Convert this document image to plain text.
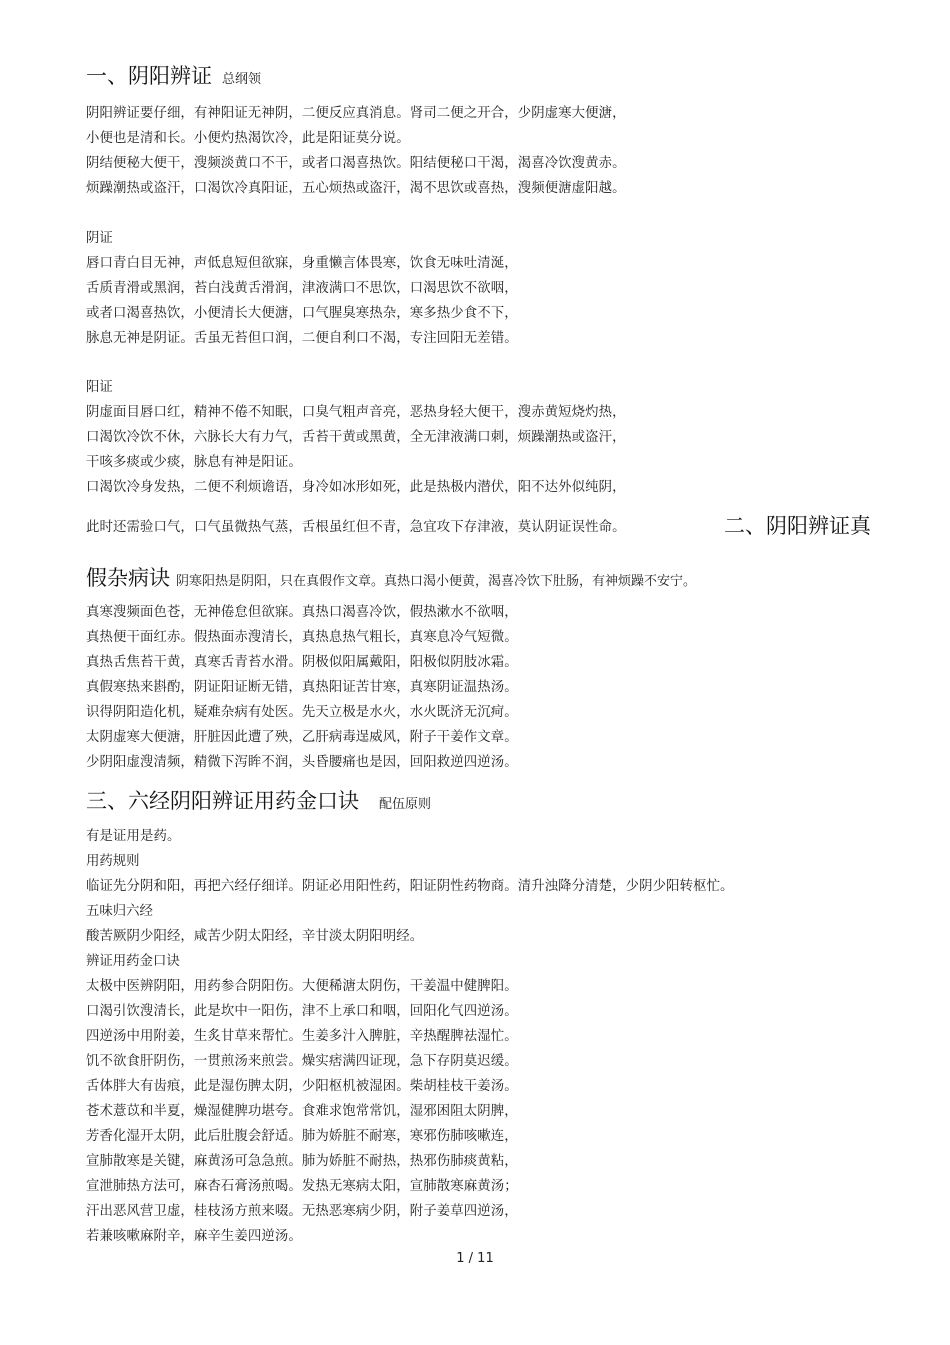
一、阴阳辨证 总纲领
阴阳辨证要仔细，有神阳证无神阴，二便反应真消息。肾司二便之开合，少阴虚寒大便溏，
小便也是清和长。小便灼热渴饮冷，此是阳证莫分说。
阴结便秘大便干，溲频淡黄口不干，或者口渴喜热饮。阳结便秘口干渴，渴喜冷饮溲黄赤。
烦躁潮热或盗汗，口渴饮冷真阳证，五心烦热或盗汗，渴不思饮或喜热，溲频便溏虚阳越。
阴证
唇口青白目无神，声低息短但欲寐，身重懒言体畏寒，饮食无味吐清涎，
舌质青滑或黑润，苔白浅黄舌滑润，津液满口不思饮，口渴思饮不欲咽，
或者口渴喜热饮，小便清长大便溏，口气腥臭寒热杂，寒多热少食不下，
脉息无神是阴证。舌虽无苔但口润，二便自利口不渴，专注回阳无差错。
阳证
阴虚面目唇口红，精神不倦不知眠，口臭气粗声音亮，恶热身轻大便干，溲赤黄短烧灼热，
口渴饮冷饮不休，六脉长大有力气，舌苔干黄或黑黄，全无津液满口刺，烦躁潮热或盗汗，
干咳多痰或少痰，脉息有神是阳证。
口渴饮冷身发热，二便不利烦谵语，身冷如冰形如死，此是热极内潜伏，阳不达外似纯阴，
此时还需验口气，口气虽微热气蒸，舌根虽红但不青，急宜攻下存津液，莫认阴证误性命。	二、阴阳辨证真
假杂病诀 阴寒阳热是阴阳，只在真假作文章。真热口渴小便黄，渴喜冷饮下肚肠，有神烦躁不安宁。
真寒溲频面色苍，无神倦怠但欲寐。真热口渴喜冷饮，假热漱水不欲咽，
真热便干面红赤。假热面赤溲清长，真热息热气粗长，真寒息冷气短微。
真热舌焦苔干黄，真寒舌青苔水滑。阴极似阳属戴阳，阳极似阴肢冰霜。
真假寒热来斟酌，阴证阳证断无错，真热阳证苦甘寒，真寒阴证温热汤。
识得阴阳造化机，疑难杂病有处医。先天立极是水火，水火既济无沉疴。
太阴虚寒大便溏，肝脏因此遭了殃，乙肝病毒逞威风，附子干姜作文章。
少阴阳虚溲清频，精微下泻眸不润，头昏腰痛也是因，回阳救逆四逆汤。
三、六经阴阳辨证用药金口诀 配伍原则
有是证用是药。
用药规则
临证先分阴和阳，再把六经仔细详。阴证必用阳性药，阳证阴性药物商。清升浊降分清楚，少阴少阳转枢忙。
五味归六经
酸苦厥阴少阳经，咸苦少阴太阳经，辛甘淡太阴阳明经。
辨证用药金口诀
太极中医辨阴阳，用药参合阴阳伤。大便稀溏太阴伤，干姜温中健脾阳。
口渴引饮溲清长，此是坎中一阳伤，津不上承口和咽，回阳化气四逆汤。
四逆汤中用附姜，生炙甘草来帮忙。生姜多汁入脾脏，辛热醒脾祛湿忙。
饥不欲食肝阴伤，一贯煎汤来煎尝。燥实痞满四证现，急下存阴莫迟缓。
舌体胖大有齿痕，此是湿伤脾太阴，少阳枢机被湿困。柴胡桂枝干姜汤。
苍术薏苡和半夏，燥湿健脾功堪夸。食难求饱常常饥，湿邪困阻太阴脾，
芳香化湿开太阴，此后肚腹会舒适。肺为娇脏不耐寒，寒邪伤肺咳嗽连，
宣肺散寒是关键，麻黄汤可急急煎。肺为娇脏不耐热，热邪伤肺痰黄粘，
宣泄肺热方法可，麻杏石膏汤煎喝。发热无寒病太阳，宣肺散寒麻黄汤；
汗出恶风营卫虚，桂枝汤方煎来啜。无热恶寒病少阴，附子姜草四逆汤，
若兼咳嗽麻附辛，麻辛生姜四逆汤。
1 / 11
